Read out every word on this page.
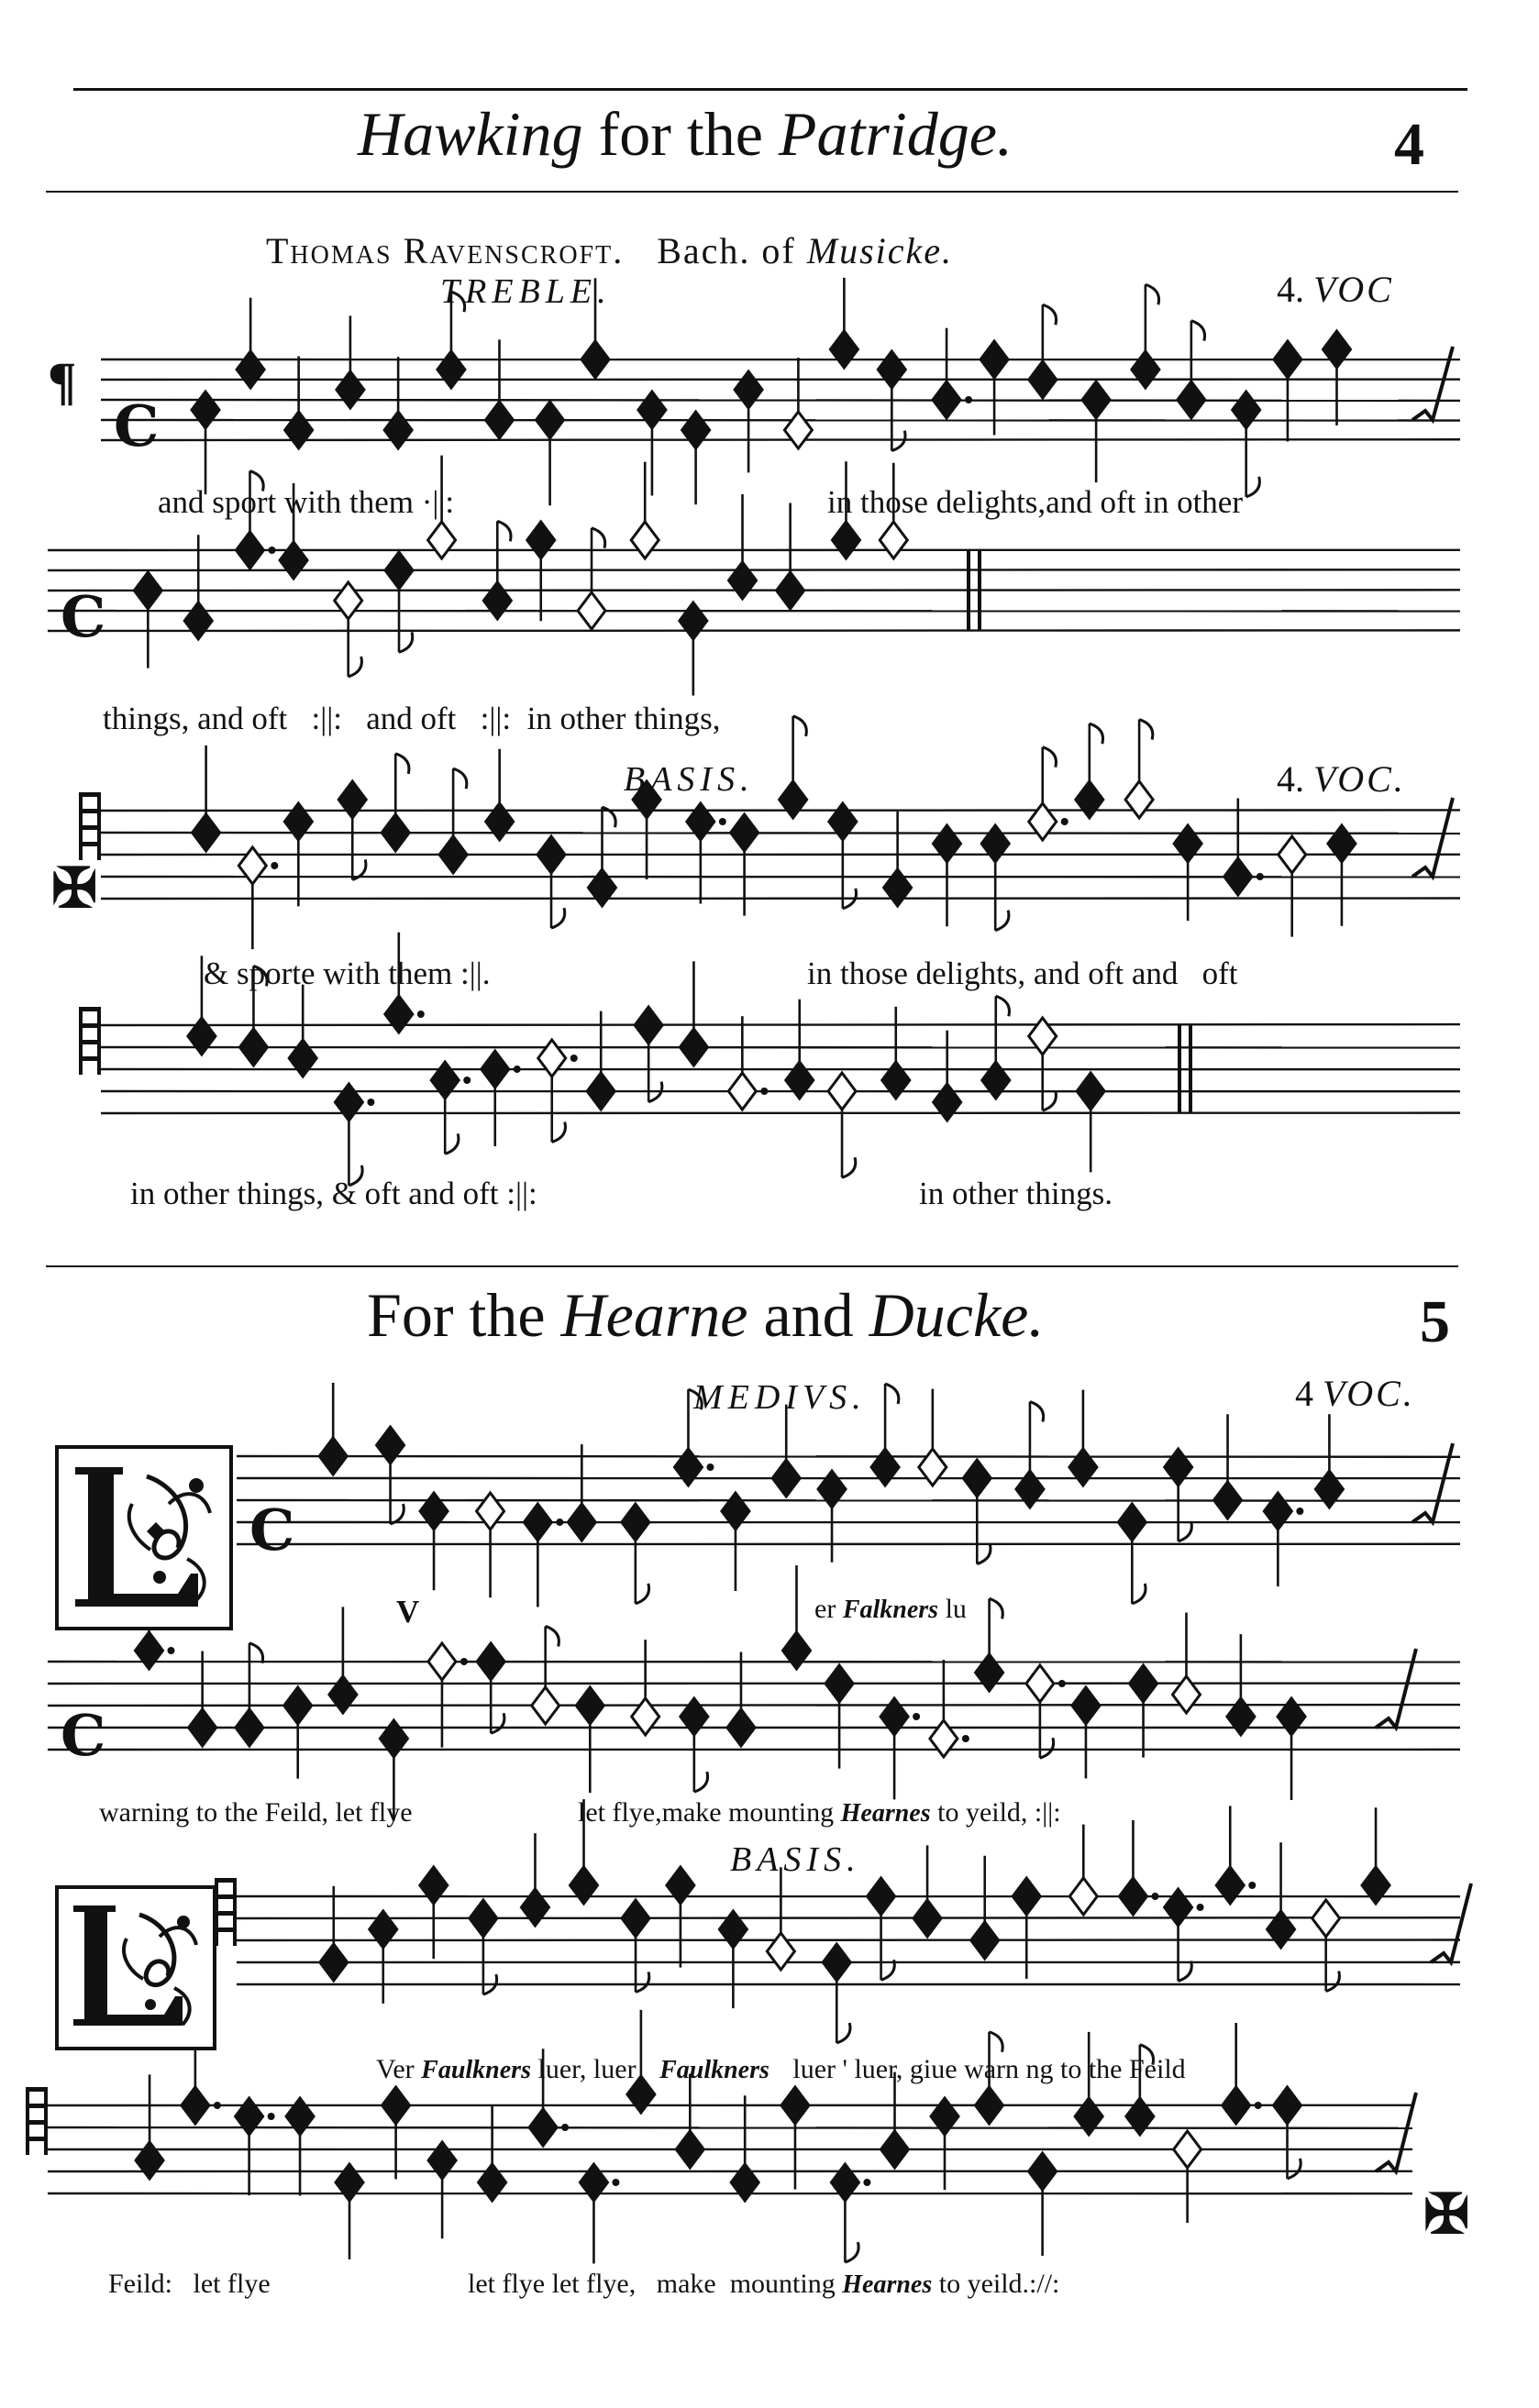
Hawking for the Patridge.	4
Thomas Ravenscroft. Bach. of Musicke.
TREBLE.	4. VOC
¶
C
C
C
C
and sport with them ·||:	in those delights,and oft in other
things, and oft   :||:   and oft   :||:  in other things,
BASIS.	4. VOC.
✠
& sporte with them :||.	in those delights, and oft and   oft
in other things, & oft and oft :||:	in other things.
For the Hearne and Ducke.	5
MEDIVS.	4 VOC.
V	er Falkners lu
warning to the Feild, let flye	let flye,make mounting Hearnes to yeild, :||:
BASIS.
Ver Faulkners luer, luer Faulkners luer ' luer, giue warn ng to the Feild
✠
Feild:   let flye	let flye let flye,   make  mounting Hearnes to yeild.://:
